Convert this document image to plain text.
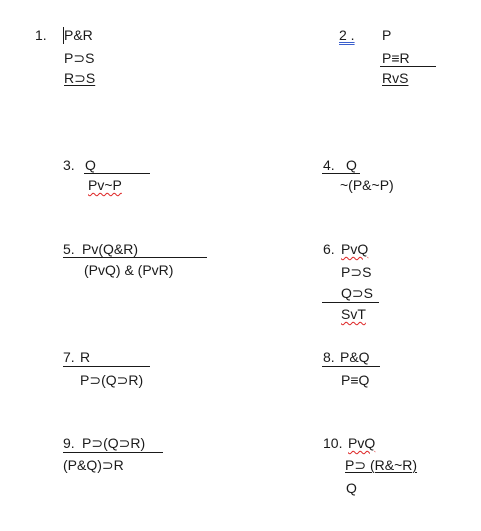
1. P&R
P⊃S
R⊃S
2 . P
P≡R
RvS
3. Q
Pv~P
4. Q
~(P&~P)
5. Pv(Q&R)
(PvQ) & (PvR)
6. PvQ
P⊃S
Q⊃S
SvT
7. R
P⊃(Q⊃R)
8. P&Q
P≡Q
9. P⊃(Q⊃R)
(P&Q)⊃R
10. PvQ
P⊃ (R&~R)
Q
